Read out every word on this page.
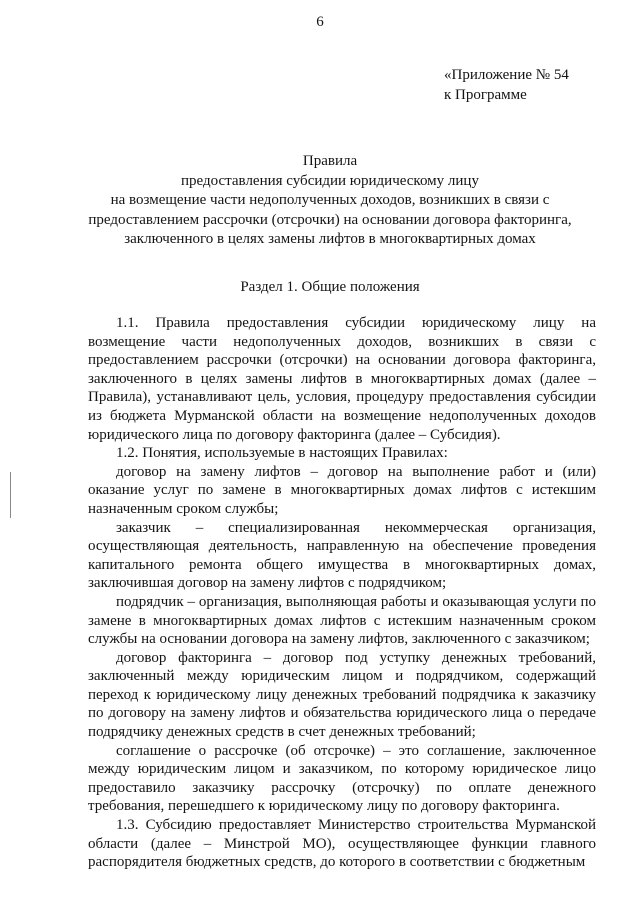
6
«Приложение № 54
к Программе
Правила
предоставления субсидии юридическому лицу
на возмещение части недополученных доходов, возникших в связи с
предоставлением рассрочки (отсрочки) на основании договора факторинга,
заключенного в целях замены лифтов в многоквартирных домах
Раздел 1. Общие положения

1.1. Правила предоставления субсидии юридическому лицу на возмещение части недополученных доходов, возникших в связи с предоставлением рассрочки (отсрочки) на основании договора факторинга, заключенного в целях замены лифтов в многоквартирных домах (далее – Правила), устанавливают цель, условия, процедуру предоставления субсидии из бюджета Мурманской области на возмещение недополученных доходов юридического лица по договору факторинга (далее – Субсидия).

1.2. Понятия, используемые в настоящих Правилах:

договор на замену лифтов – договор на выполнение работ и (или) оказание услуг по замене в многоквартирных домах лифтов с истекшим назначенным сроком службы;

заказчик – специализированная некоммерческая организация, осуществляющая деятельность, направленную на обеспечение проведения капитального ремонта общего имущества в многоквартирных домах, заключившая договор на замену лифтов с подрядчиком;

подрядчик – организация, выполняющая работы и оказывающая услуги по замене в многоквартирных домах лифтов с истекшим назначенным сроком службы на основании договора на замену лифтов, заключенного с заказчиком;

договор факторинга – договор под уступку денежных требований, заключенный между юридическим лицом и подрядчиком, содержащий переход к юридическому лицу денежных требований подрядчика к заказчику по договору на замену лифтов и обязательства юридического лица о передаче подрядчику денежных средств в счет денежных требований;

соглашение о рассрочке (об отсрочке) – это соглашение, заключенное между юридическим лицом и заказчиком, по которому юридическое лицо предоставило заказчику рассрочку (отсрочку) по оплате денежного требования, перешедшего к юридическому лицу по договору факторинга.

1.3. Субсидию предоставляет Министерство строительства Мурманской области (далее – Минстрой МО), осуществляющее функции главного распорядителя бюджетных средств, до которого в соответствии с бюджетным
